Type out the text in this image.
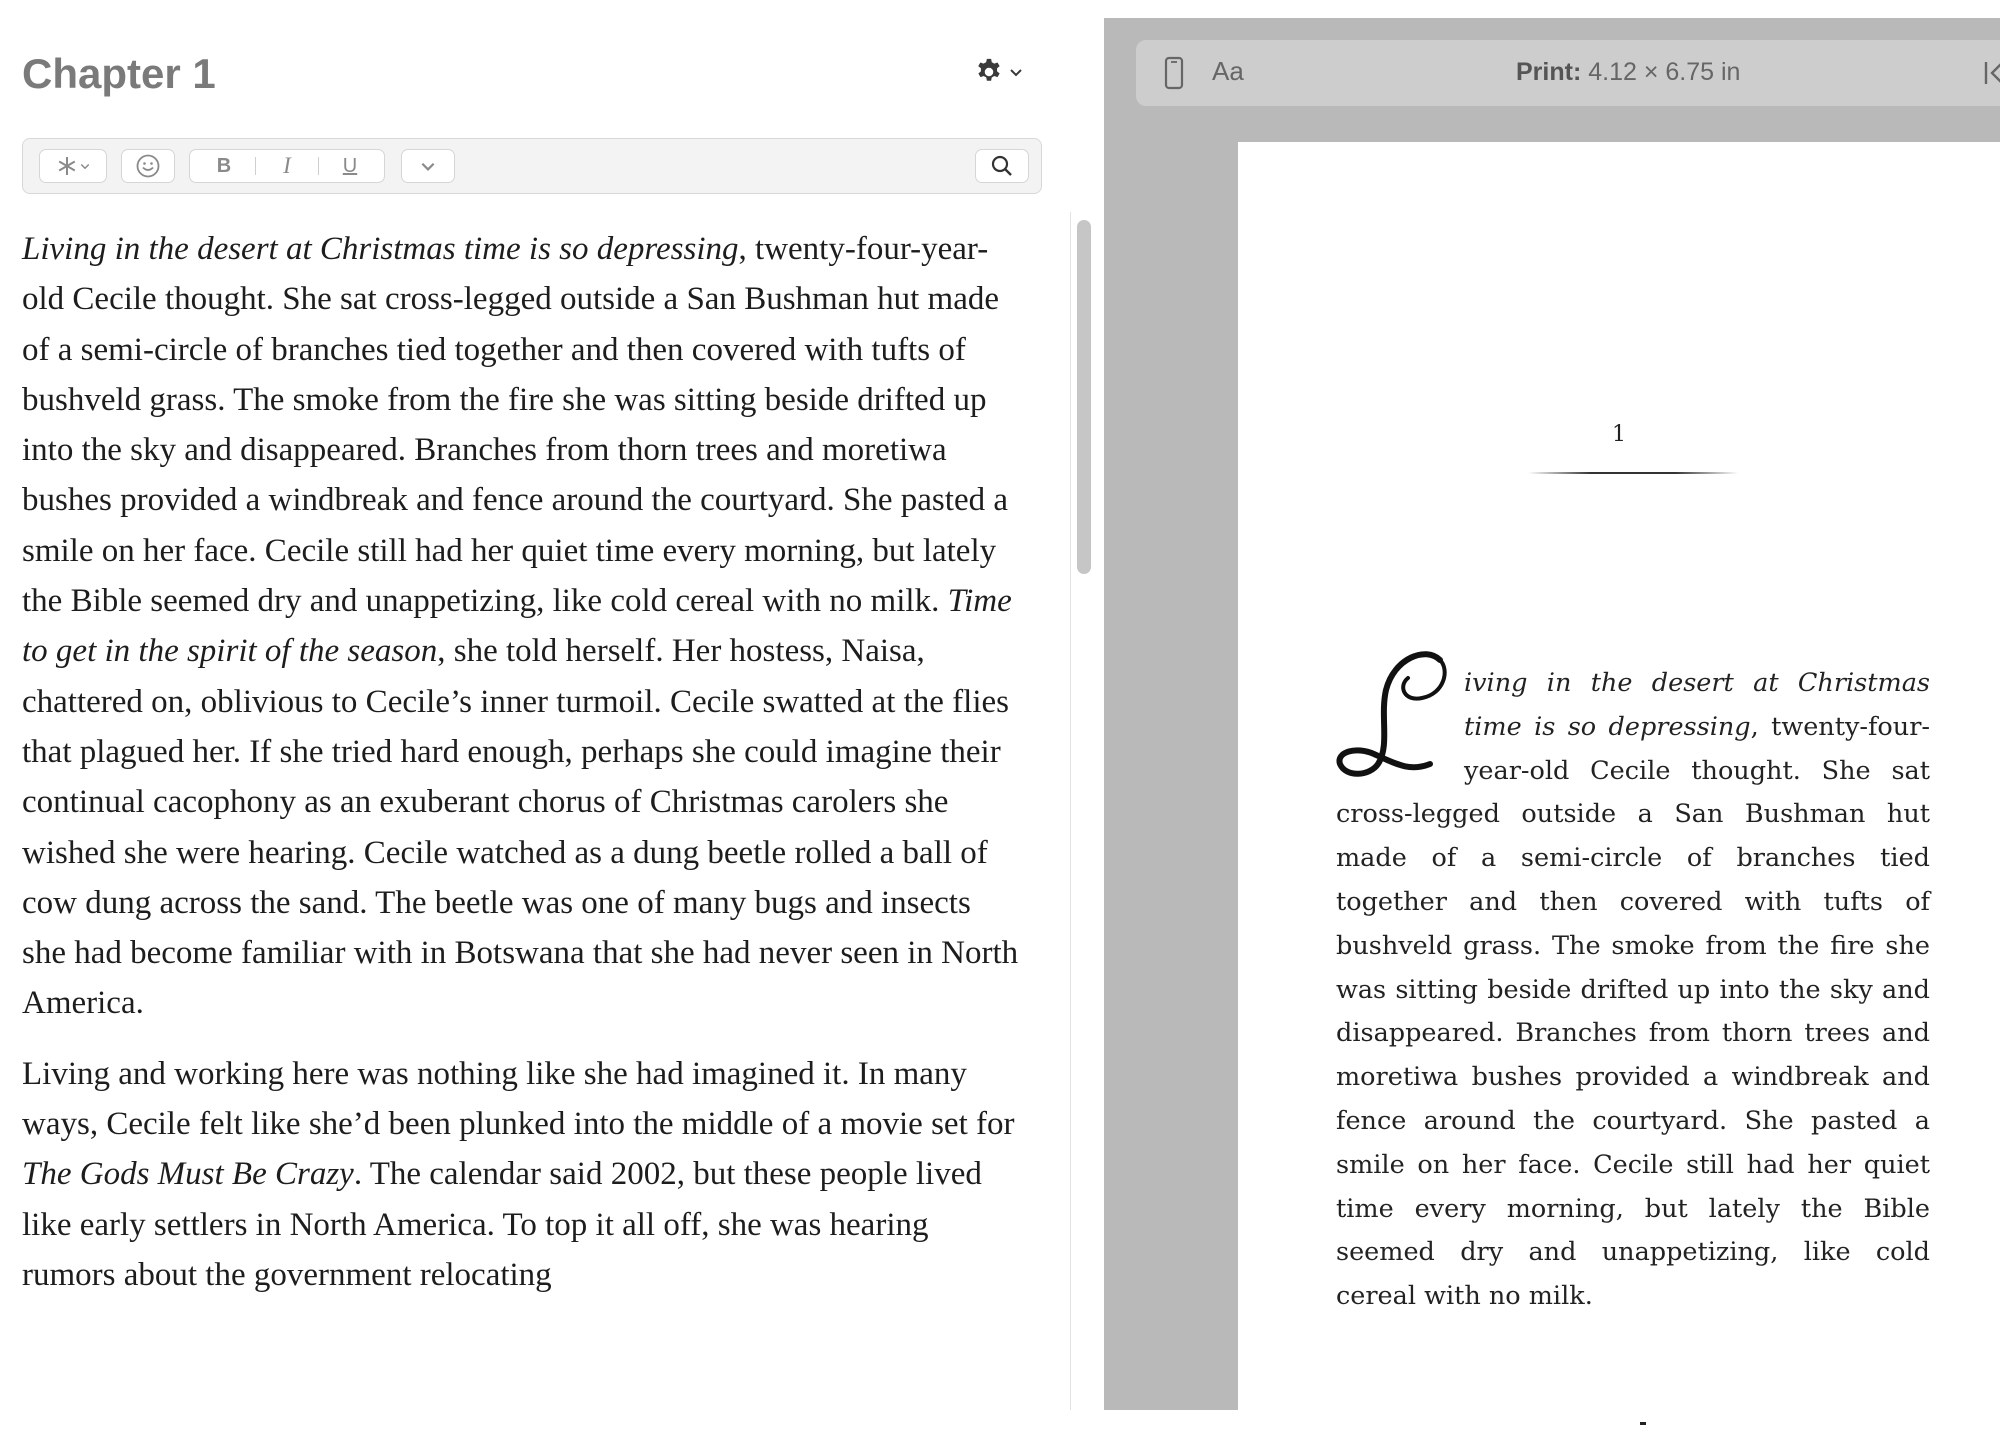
Chapter 1
B	I	U

Living in the desert at Christmas time is so depressing, twenty-four-year-old Cecile thought. She sat cross-legged outside a San Bushman hut made of a semi-circle of branches tied together and then covered with tufts of bushveld grass. The smoke from the fire she was sitting beside drifted up into the sky and disappeared. Branches from thorn trees and moretiwa bushes provided a windbreak and fence around the courtyard. She pasted a smile on her face. Cecile still had her quiet time every morning, but lately the Bible seemed dry and unappetizing, like cold cereal with no milk. Time to get in the spirit of the season, she told herself. Her hostess, Naisa, chattered on, oblivious to Cecile’s inner turmoil. Cecile swatted at the flies that plagued her. If she tried hard enough, perhaps she could imagine their continual cacophony as an exuberant chorus of Christmas carolers she wished she were hearing. Cecile watched as a dung beetle rolled a ball of cow dung across the sand. The beetle was one of many bugs and insects she had become familiar with in Botswana that she had never seen in North America.

Living and working here was nothing like she had imagined it. In many ways, Cecile felt like she’d been plunked into the middle of a movie set for The Gods Must Be Crazy. The calendar said 2002, but these people lived like early settlers in North America. To top it all off, she was hearing rumors about the government relocating

Aa	Print: 4.12 × 6.75 in
1
L
iving in the desert at Christmas time is so depressing, twenty-four-year-old Cecile thought. She sat cross-legged outside a San Bushman hut made of a semi-circle of branches tied together and then covered with tufts of bushveld grass. The smoke from the fire she was sitting beside drifted up into the sky and disappeared. Branches from thorn trees and moretiwa bushes provided a windbreak and fence around the courtyard. She pasted a smile on her face. Cecile still had her quiet time every morning, but lately the Bible seemed dry and unappetizing, like cold cereal with no milk.
